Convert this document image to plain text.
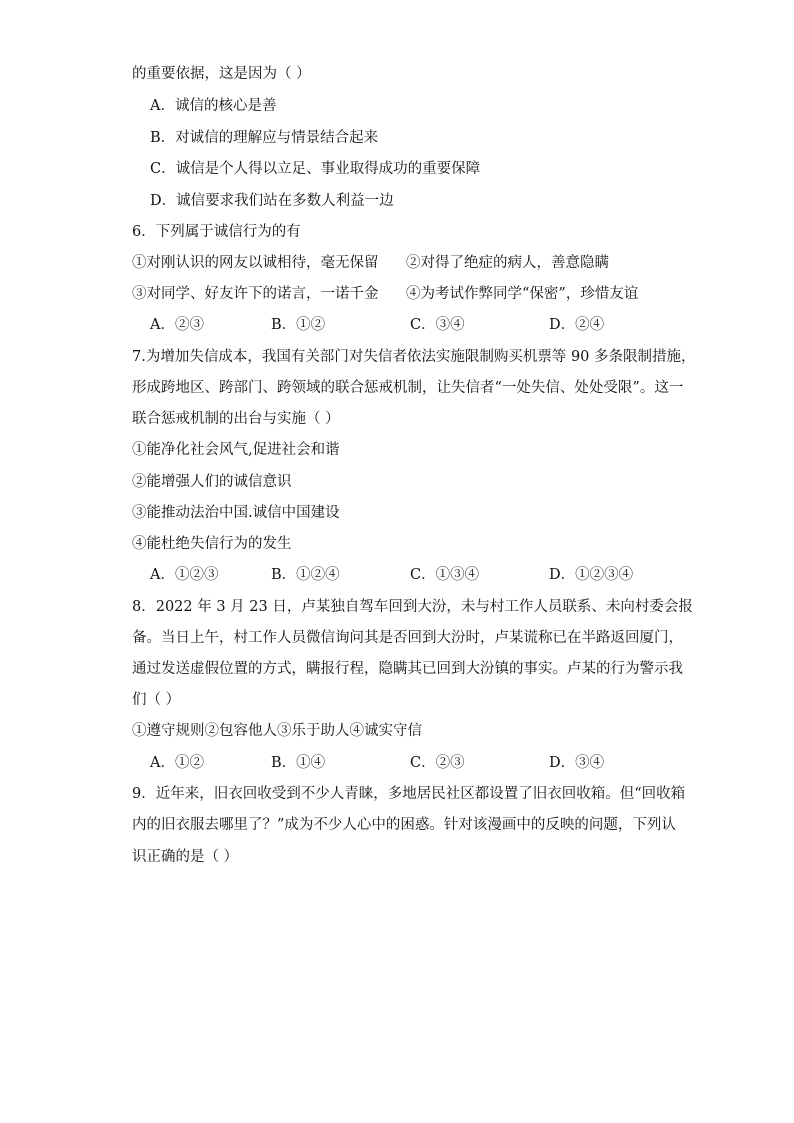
的重要依据，这是因为（ ）
A．诚信的核心是善
B．对诚信的理解应与情景结合起来
C．诚信是个人得以立足、事业取得成功的重要保障
D．诚信要求我们站在多数人利益一边
6．下列属于诚信行为的有
①对刚认识的网友以诚相待，毫无保留 ②对得了绝症的病人，善意隐瞒
③对同学、好友许下的诺言，一诺千金 ④为考试作弊同学“保密”，珍惜友谊
A．②③	B．①②	C．③④	D．②④
7.为增加失信成本，我国有关部门对失信者依法实施限制购买机票等 90 多条限制措施，
形成跨地区、跨部门、跨领域的联合惩戒机制，让失信者“一处失信、处处受限”。这一
联合惩戒机制的出台与实施（ ）
①能净化社会风气,促进社会和谐
②能增强人们的诚信意识
③能推动法治中国.诚信中国建设
④能杜绝失信行为的发生
A．①②③	B．①②④	C．①③④	D．①②③④
8．2022 年 3 月 23 日，卢某独自驾车回到大汾，未与村工作人员联系、未向村委会报
备。当日上午，村工作人员微信询问其是否回到大汾时，卢某谎称已在半路返回厦门，
通过发送虚假位置的方式，瞒报行程，隐瞒其已回到大汾镇的事实。卢某的行为警示我
们（ ）
①遵守规则②包容他人③乐于助人④诚实守信
A．①②	B．①④	C．②③	D．③④
9．近年来，旧衣回收受到不少人青睐，多地居民社区都设置了旧衣回收箱。但“回收箱
内的旧衣服去哪里了？”成为不少人心中的困惑。针对该漫画中的反映的问题，下列认
识正确的是（ ）
